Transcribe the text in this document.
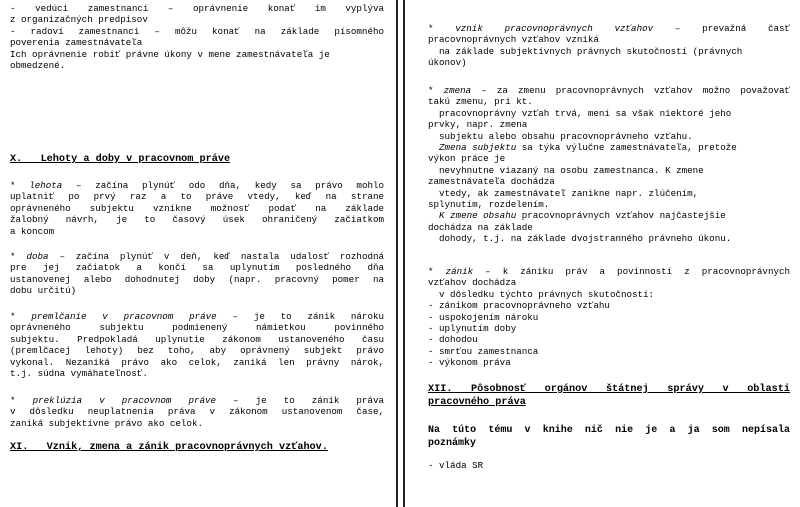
- vedúci zamestnanci – oprávnenie konať im vyplýva
z organizačných predpisov
- radoví zamestnanci – môžu konať na základe písomného
poverenia zamestnávateľa
Ich oprávnenie robiť právne úkony v mene zamestnávateľa je
obmedzené.
X.   Lehoty a doby v pracovnom práve
* lehota – začína plynúť odo dňa, kedy sa právo mohlo
uplatniť po prvý raz a to práve vtedy, keď na strane
oprávneného subjektu vznikne možnosť podať na základe
žalobný návrh, je to časový úsek ohraničený začiatkom
a koncom
* doba – začína plynúť v deň, keď nastala udalosť rozhodná
pre jej začiatok a končí sa uplynutím posledného dňa
ustanovenej alebo dohodnutej doby (napr. pracovný pomer na
dobu určitú)
* premlčanie v pracovnom práve – je to zánik nároku
oprávneného subjektu podmienený námietkou povinného
subjektu. Predpokladá uplynutie zákonom ustanoveného času
(premlčacej lehoty) bez toho, aby oprávnený subjekt právo
vykonal. Nezaniká právo ako celok, zaniká len právny nárok,
t.j. súdna vymáhateľnosť.
* preklúzia v pracovnom práve – je to zánik práva
v dôsledku neuplatnenia práva v zákonom ustanovenom čase,
zaniká subjektívne právo ako celok.
XI.   Vznik, zmena a zánik pracovnoprávnych vzťahov.
* vznik pracovnoprávnych vzťahov – prevažná časť
pracovnoprávnych vzťahov vzniká
na základe subjektívnych právnych skutočností (právnych
úkonov)
* zmena – za zmenu pracovnoprávnych vzťahov možno považovať
takú zmenu, pri kt.
pracovnoprávny vzťah trvá, mení sa však niektoré jeho
prvky, napr. zmena
subjektu alebo obsahu pracovnoprávneho vzťahu.
Zmena subjektu sa týka výlučne zamestnávateľa, pretože
výkon práce je
nevyhnutne viazaný na osobu zamestnanca. K zmene
zamestnávateľa dochádza
vtedy, ak zamestnávateľ zanikne napr. zlúčením,
splynutím, rozdelením.
K zmene obsahu pracovnoprávnych vzťahov najčastejšie
dochádza na základe
dohody, t.j. na základe dvojstranného právneho úkonu.
* zánik – k zániku práv a povinností z pracovnoprávnych
vzťahov dochádza
v dôsledku týchto právnych skutočností:
- zánikom pracovnoprávneho vzťahu
- uspokojením nároku
- uplynutím doby
- dohodou
- smrťou zamestnanca
- výkonom práva
XII. Pôsobnosť orgánov štátnej správy v oblasti
pracovného práva
Na túto tému v knihe nič nie je a ja som nepísala
poznámky
- vláda SR
